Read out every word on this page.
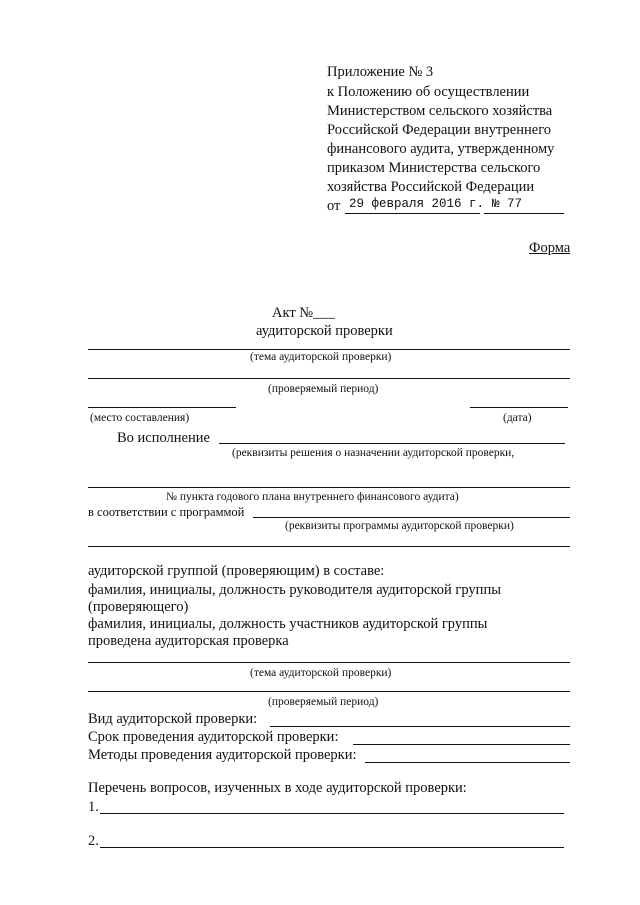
Приложение № 3
к Положению об осуществлении
Министерством сельского хозяйства
Российской Федерации внутреннего
финансового аудита, утвержденному
приказом Министерства сельского
хозяйства Российской Федерации
от 29 февраля 2016 г. № 77
Форма
Акт №___
аудиторской проверки
(тема аудиторской проверки)
(проверяемый период)
(место составления)	(дата)
Во исполнение
(реквизиты решения о назначении аудиторской проверки,
№ пункта годового плана внутреннего финансового аудита)
в соответствии с программой
(реквизиты программы аудиторской проверки)
аудиторской группой (проверяющим) в составе:
фамилия, инициалы, должность руководителя аудиторской группы
(проверяющего)
фамилия, инициалы, должность участников аудиторской группы
проведена аудиторская проверка
(тема аудиторской проверки)
(проверяемый период)
Вид аудиторской проверки:
Срок проведения аудиторской проверки:
Методы проведения аудиторской проверки:
Перечень вопросов, изученных в ходе аудиторской проверки:
1.
2.
